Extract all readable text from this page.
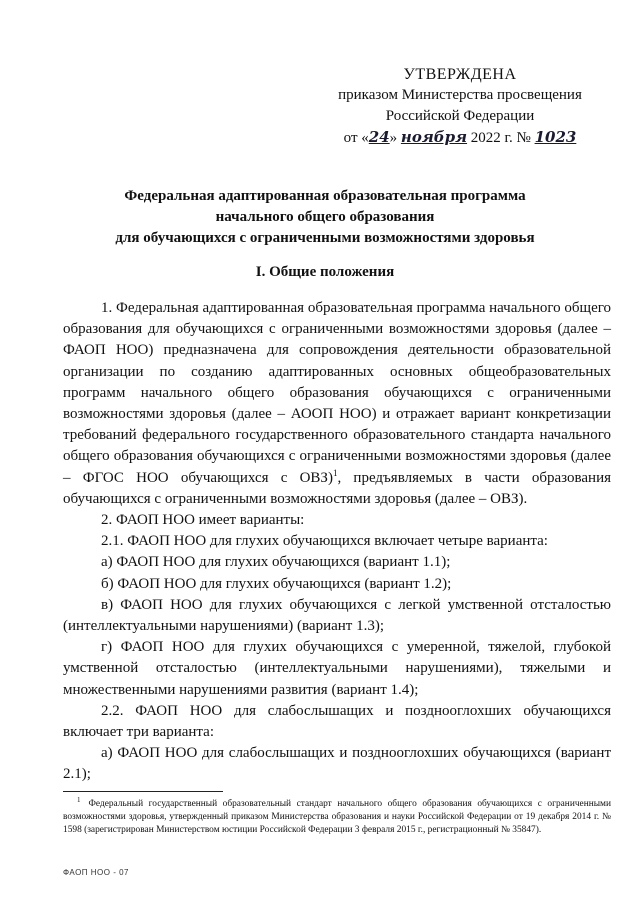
УТВЕРЖДЕНА
приказом Министерства просвещения
Российской Федерации
от «24» ноября 2022 г. № 1023
Федеральная адаптированная образовательная программа
начального общего образования
для обучающихся с ограниченными возможностями здоровья
I. Общие положения

1. Федеральная адаптированная образовательная программа начального общего образования для обучающихся с ограниченными возможностями здоровья (далее – ФАОП НОО) предназначена для сопровождения деятельности образовательной организации по созданию адаптированных основных общеобразовательных программ начального общего образования обучающихся с ограниченными возможностями здоровья (далее – АООП НОО) и отражает вариант конкретизации требований федерального государственного образовательного стандарта начального общего образования обучающихся с ограниченными возможностями здоровья (далее – ФГОС НОО обучающихся с ОВЗ)$^1$, предъявляемых в части образования обучающихся с ограниченными возможностями здоровья (далее – ОВЗ).

2. ФАОП НОО имеет варианты:

2.1. ФАОП НОО для глухих обучающихся включает четыре варианта:

а) ФАОП НОО для глухих обучающихся (вариант 1.1);

б) ФАОП НОО для глухих обучающихся (вариант 1.2);

в) ФАОП НОО для глухих обучающихся с легкой умственной отсталостью (интеллектуальными нарушениями) (вариант 1.3);

г) ФАОП НОО для глухих обучающихся с умеренной, тяжелой, глубокой умственной отсталостью (интеллектуальными нарушениями), тяжелыми и множественными нарушениями развития (вариант 1.4);

2.2. ФАОП НОО для слабослышащих и позднооглохших обучающихся включает три варианта:

а) ФАОП НОО для слабослышащих и позднооглохших обучающихся (вариант 2.1);

$^1$ Федеральный государственный образовательный стандарт начального общего образования обучающихся с ограниченными возможностями здоровья, утвержденный приказом Министерства образования и науки Российской Федерации от 19 декабря 2014 г. № 1598 (зарегистрирован Министерством юстиции Российской Федерации 3 февраля 2015 г., регистрационный № 35847).
ФАОП НОО - 07
